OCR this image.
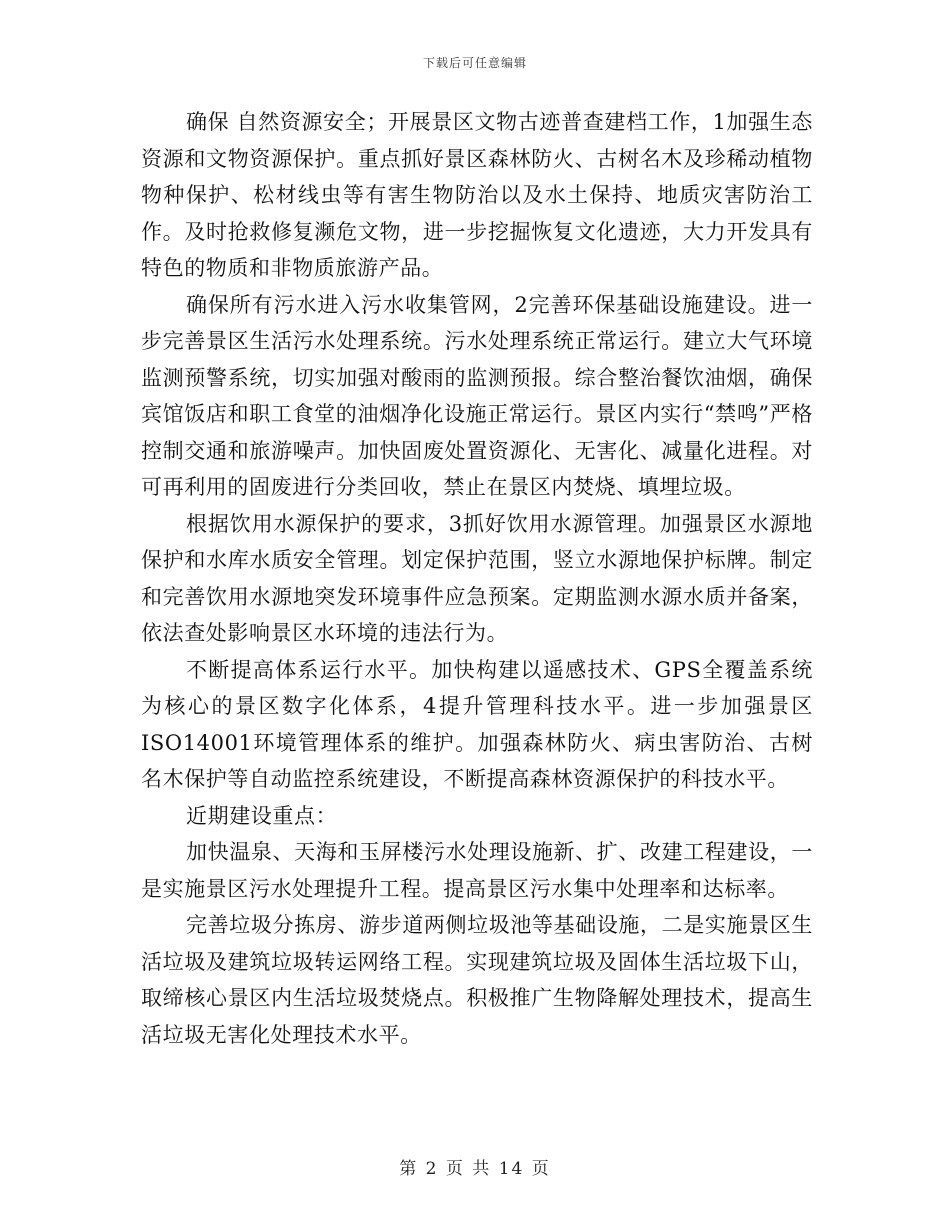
下载后可任意编辑

确保 自然资源安全；开展景区文物古迹普查建档工作，1加强生态资源和文物资源保护。重点抓好景区森林防火、古树名木及珍稀动植物物种保护、松材线虫等有害生物防治以及水土保持、地质灾害防治工作。及时抢救修复濒危文物，进一步挖掘恢复文化遗迹，大力开发具有 特色的物质和非物质旅游产品。

确保所有污水进入污水收集管网，2完善环保基础设施建设。进一步完善景区生活污水处理系统。污水处理系统正常运行。建立大气环境监测预警系统，切实加强对酸雨的监测预报。综合整治餐饮油烟，确保宾馆饭店和职工食堂的油烟净化设施正常运行。景区内实行“禁鸣”严格控制交通和旅游噪声。加快固废处置资源化、无害化、减量化进程。对可再利用的固废进行分类回收，禁止在景区内焚烧、填埋垃圾。

根据饮用水源保护的要求，3抓好饮用水源管理。加强景区水源地保护和水库水质安全管理。划定保护范围，竖立水源地保护标牌。制定和完善饮用水源地突发环境事件应急预案。定期监测水源水质并备案，依法查处影响景区水环境的违法行为。

不断提高体系运行水平。加快构建以遥感技术、GPS全覆盖系统为核心的景区数字化体系，4提升管理科技水平。进一步加强景区ISO14001环境管理体系的维护。加强森林防火、病虫害防治、古树名木保护等自动监控系统建设，不断提高森林资源保护的科技水平。

近期建设重点：

加快温泉、天海和玉屏楼污水处理设施新、扩、改建工程建设，一是实施景区污水处理提升工程。提高景区污水集中处理率和达标率。

完善垃圾分拣房、游步道两侧垃圾池等基础设施，二是实施景区生活垃圾及建筑垃圾转运网络工程。实现建筑垃圾及固体生活垃圾下山，取缔核心景区内生活垃圾焚烧点。积极推广生物降解处理技术，提高生活垃圾无害化处理技术水平。

第 2 页 共 14 页
